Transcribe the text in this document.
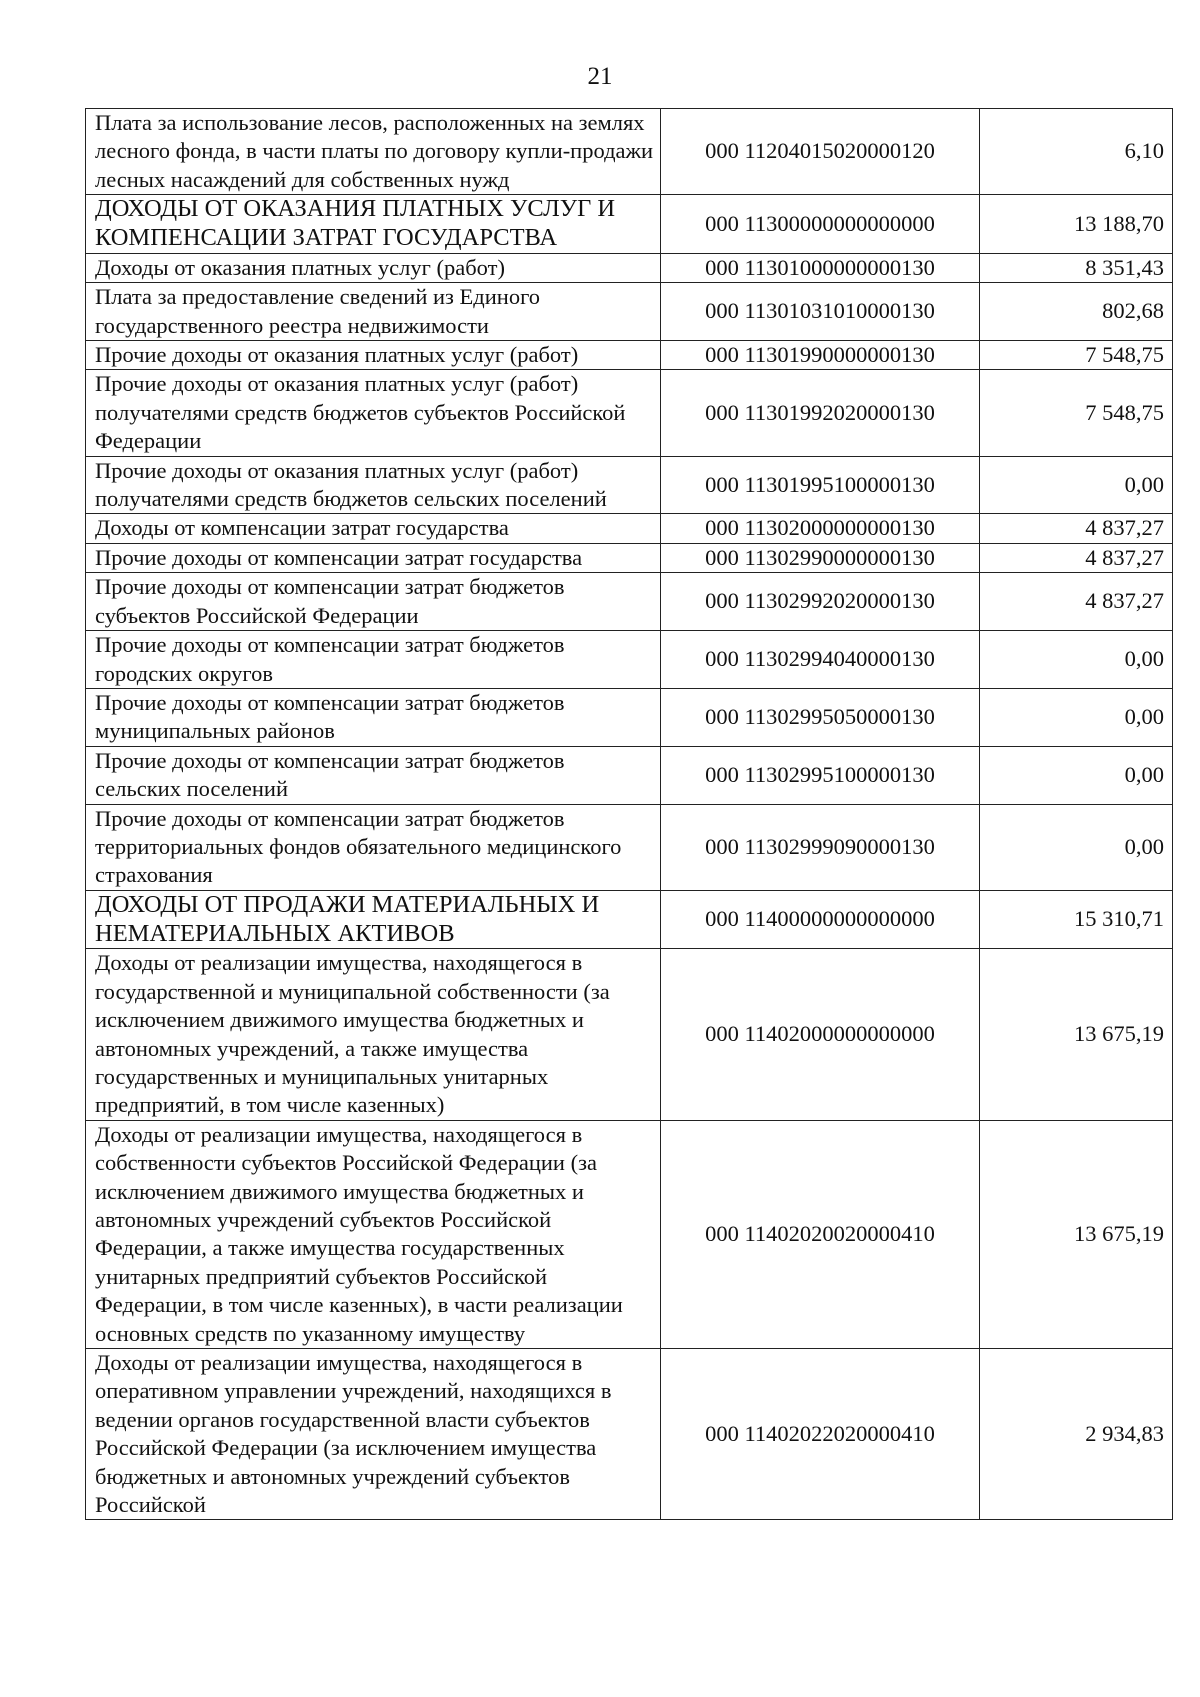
21
Плата за использование лесов, расположенных на землях лесного фонда, в части платы по договору купли-продажи лесных насаждений для собственных нужд	000 11204015020000120	6,10
ДОХОДЫ ОТ ОКАЗАНИЯ ПЛАТНЫХ УСЛУГ И КОМПЕНСАЦИИ ЗАТРАТ ГОСУДАРСТВА	000 11300000000000000	13 188,70
Доходы от оказания платных услуг (работ)	000 11301000000000130	8 351,43
Плата за предоставление сведений из Единого государственного реестра недвижимости	000 11301031010000130	802,68
Прочие доходы от оказания платных услуг (работ)	000 11301990000000130	7 548,75
Прочие доходы от оказания платных услуг (работ) получателями средств бюджетов субъектов Российской Федерации	000 11301992020000130	7 548,75
Прочие доходы от оказания платных услуг (работ) получателями средств бюджетов сельских поселений	000 11301995100000130	0,00
Доходы от компенсации затрат государства	000 11302000000000130	4 837,27
Прочие доходы от компенсации затрат государства	000 11302990000000130	4 837,27
Прочие доходы от компенсации затрат бюджетов субъектов Российской Федерации	000 11302992020000130	4 837,27
Прочие доходы от компенсации затрат бюджетов городских округов	000 11302994040000130	0,00
Прочие доходы от компенсации затрат бюджетов муниципальных районов	000 11302995050000130	0,00
Прочие доходы от компенсации затрат бюджетов сельских поселений	000 11302995100000130	0,00
Прочие доходы от компенсации затрат бюджетов территориальных фондов обязательного медицинского страхования	000 11302999090000130	0,00
ДОХОДЫ ОТ ПРОДАЖИ МАТЕРИАЛЬНЫХ И НЕМАТЕРИАЛЬНЫХ АКТИВОВ	000 11400000000000000	15 310,71
Доходы от реализации имущества, находящегося в государственной и муниципальной собственности (за исключением движимого имущества бюджетных и автономных учреждений, а также имущества государственных и муниципальных унитарных предприятий, в том числе казенных)	000 11402000000000000	13 675,19
Доходы от реализации имущества, находящегося в собственности субъектов Российской Федерации (за исключением движимого имущества бюджетных и автономных учреждений субъектов Российской Федерации, а также имущества государственных унитарных предприятий субъектов Российской Федерации, в том числе казенных), в части реализации основных средств по указанному имуществу	000 11402020020000410	13 675,19
Доходы от реализации имущества, находящегося в оперативном управлении учреждений, находящихся в ведении органов государственной власти субъектов Российской Федерации (за исключением имущества бюджетных и автономных учреждений субъектов Российской	000 11402022020000410	2 934,83
